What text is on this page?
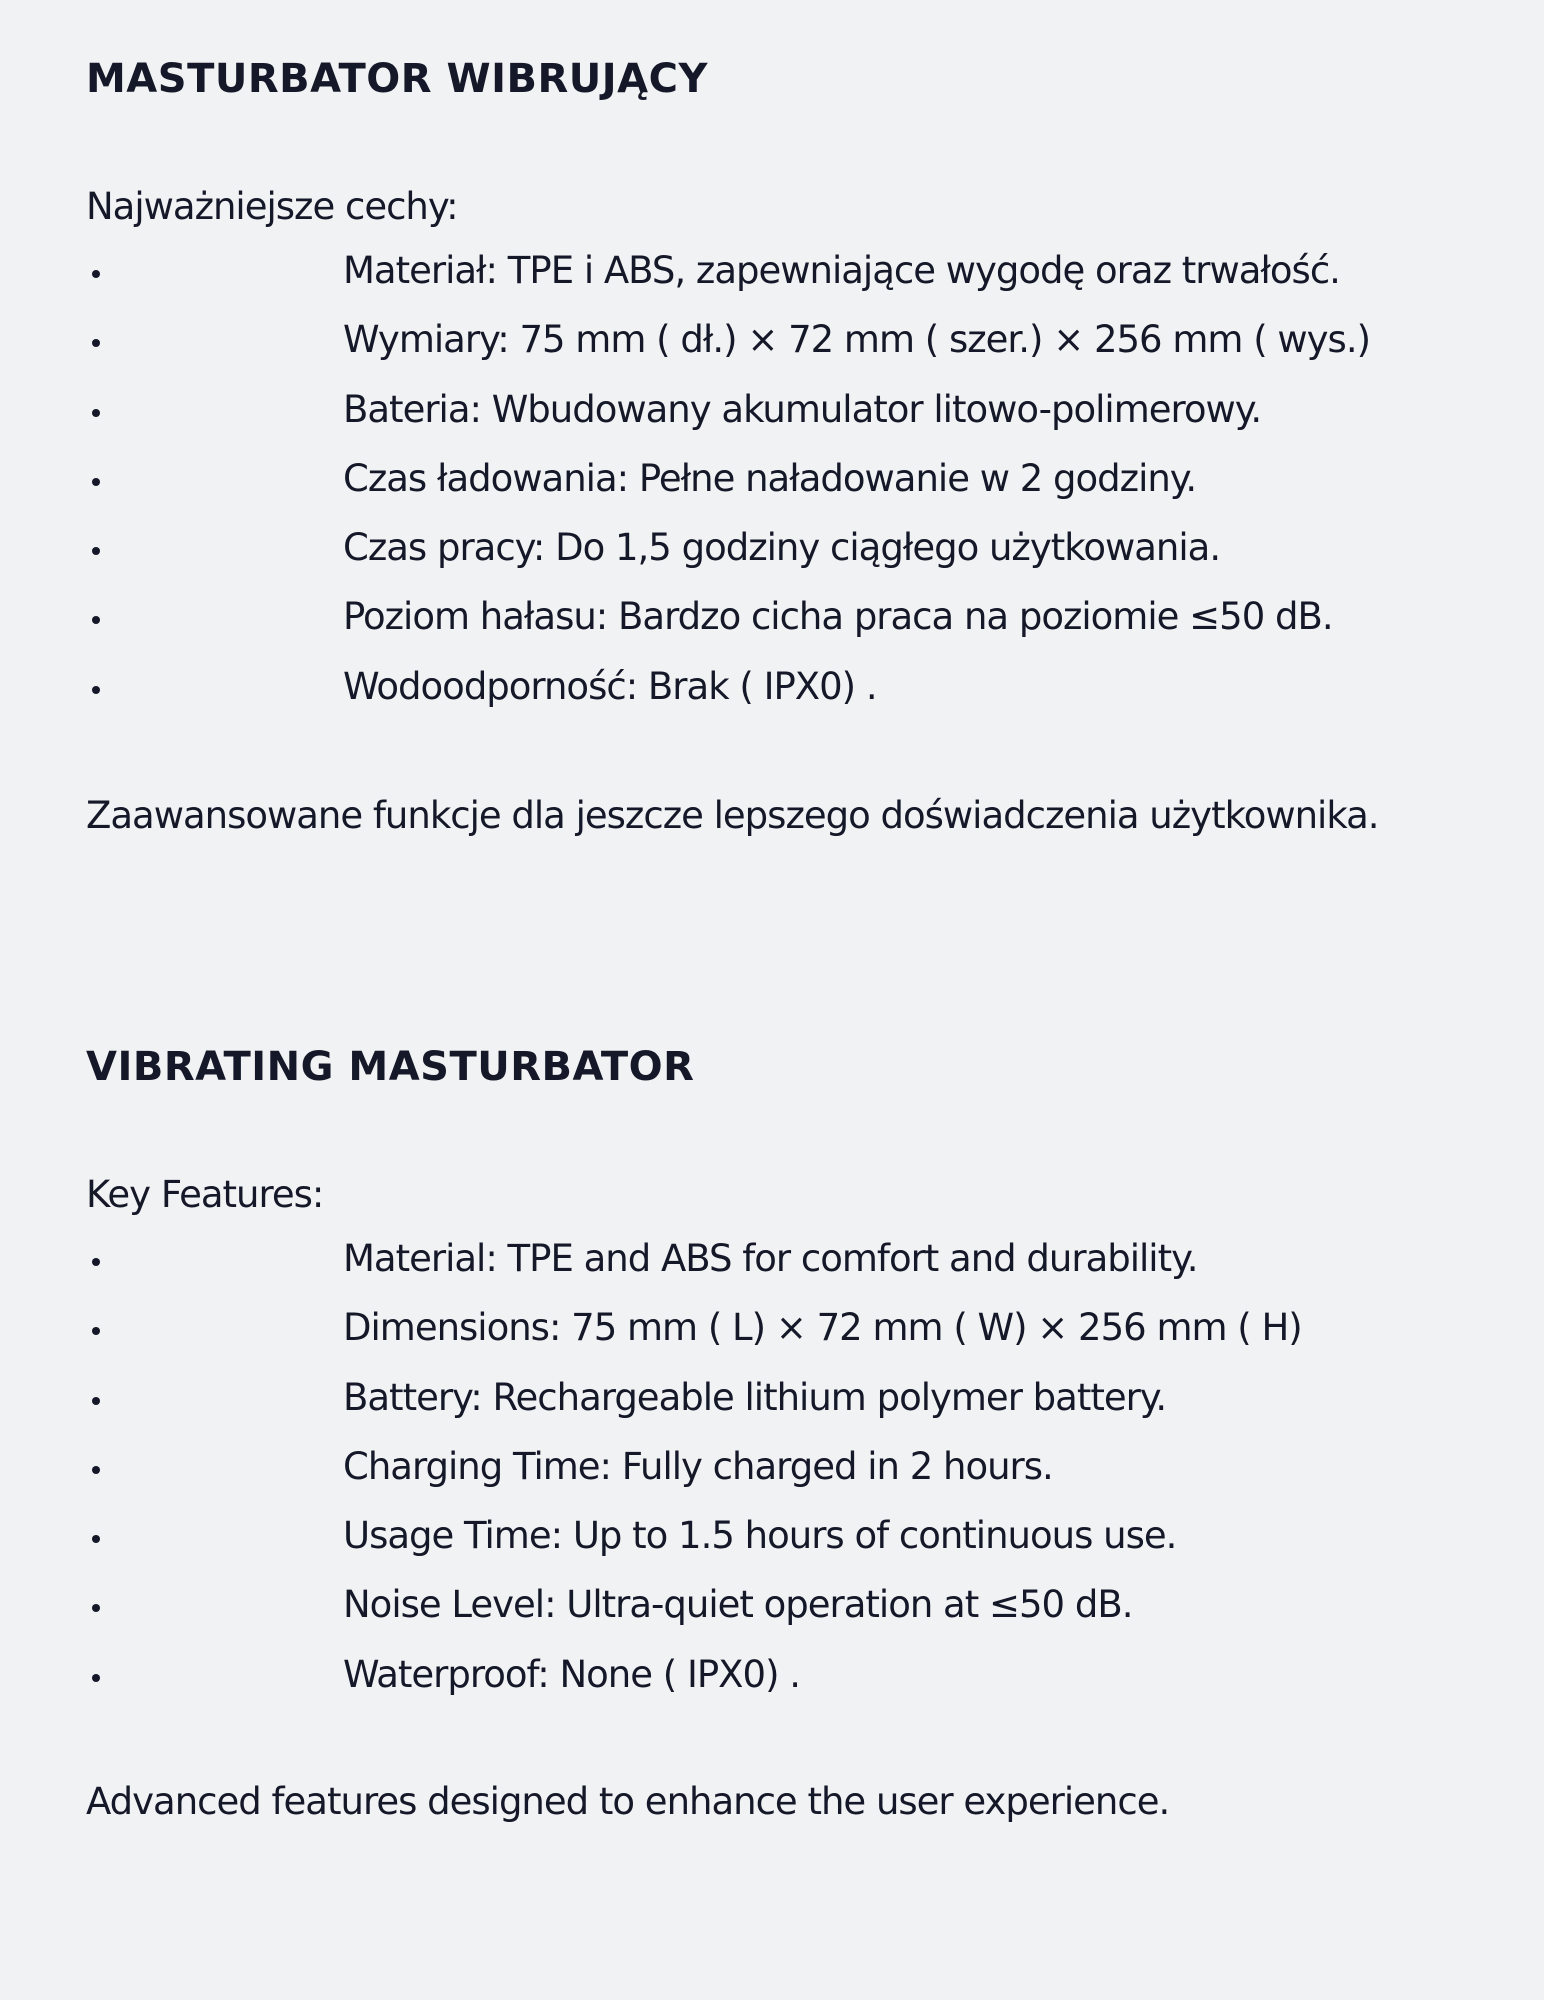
MASTURBATOR WIBRUJĄCY
Najważniejsze cechy:
Materiał: TPE i ABS, zapewniające wygodę oraz trwałość.
Wymiary: 75 mm ( dł.) × 72 mm ( szer.) × 256 mm ( wys.)
Bateria: Wbudowany akumulator litowo-polimerowy.
Czas ładowania: Pełne naładowanie w 2 godziny.
Czas pracy: Do 1,5 godziny ciągłego użytkowania.
Poziom hałasu: Bardzo cicha praca na poziomie ≤50 dB.
Wodoodporność: Brak ( IPX0) .
Zaawansowane funkcje dla jeszcze lepszego doświadczenia użytkownika.
VIBRATING MASTURBATOR
Key Features:
Material: TPE and ABS for comfort and durability.
Dimensions: 75 mm ( L) × 72 mm ( W) × 256 mm ( H)
Battery: Rechargeable lithium polymer battery.
Charging Time: Fully charged in 2 hours.
Usage Time: Up to 1.5 hours of continuous use.
Noise Level: Ultra-quiet operation at ≤50 dB.
Waterproof: None ( IPX0) .
Advanced features designed to enhance the user experience.
